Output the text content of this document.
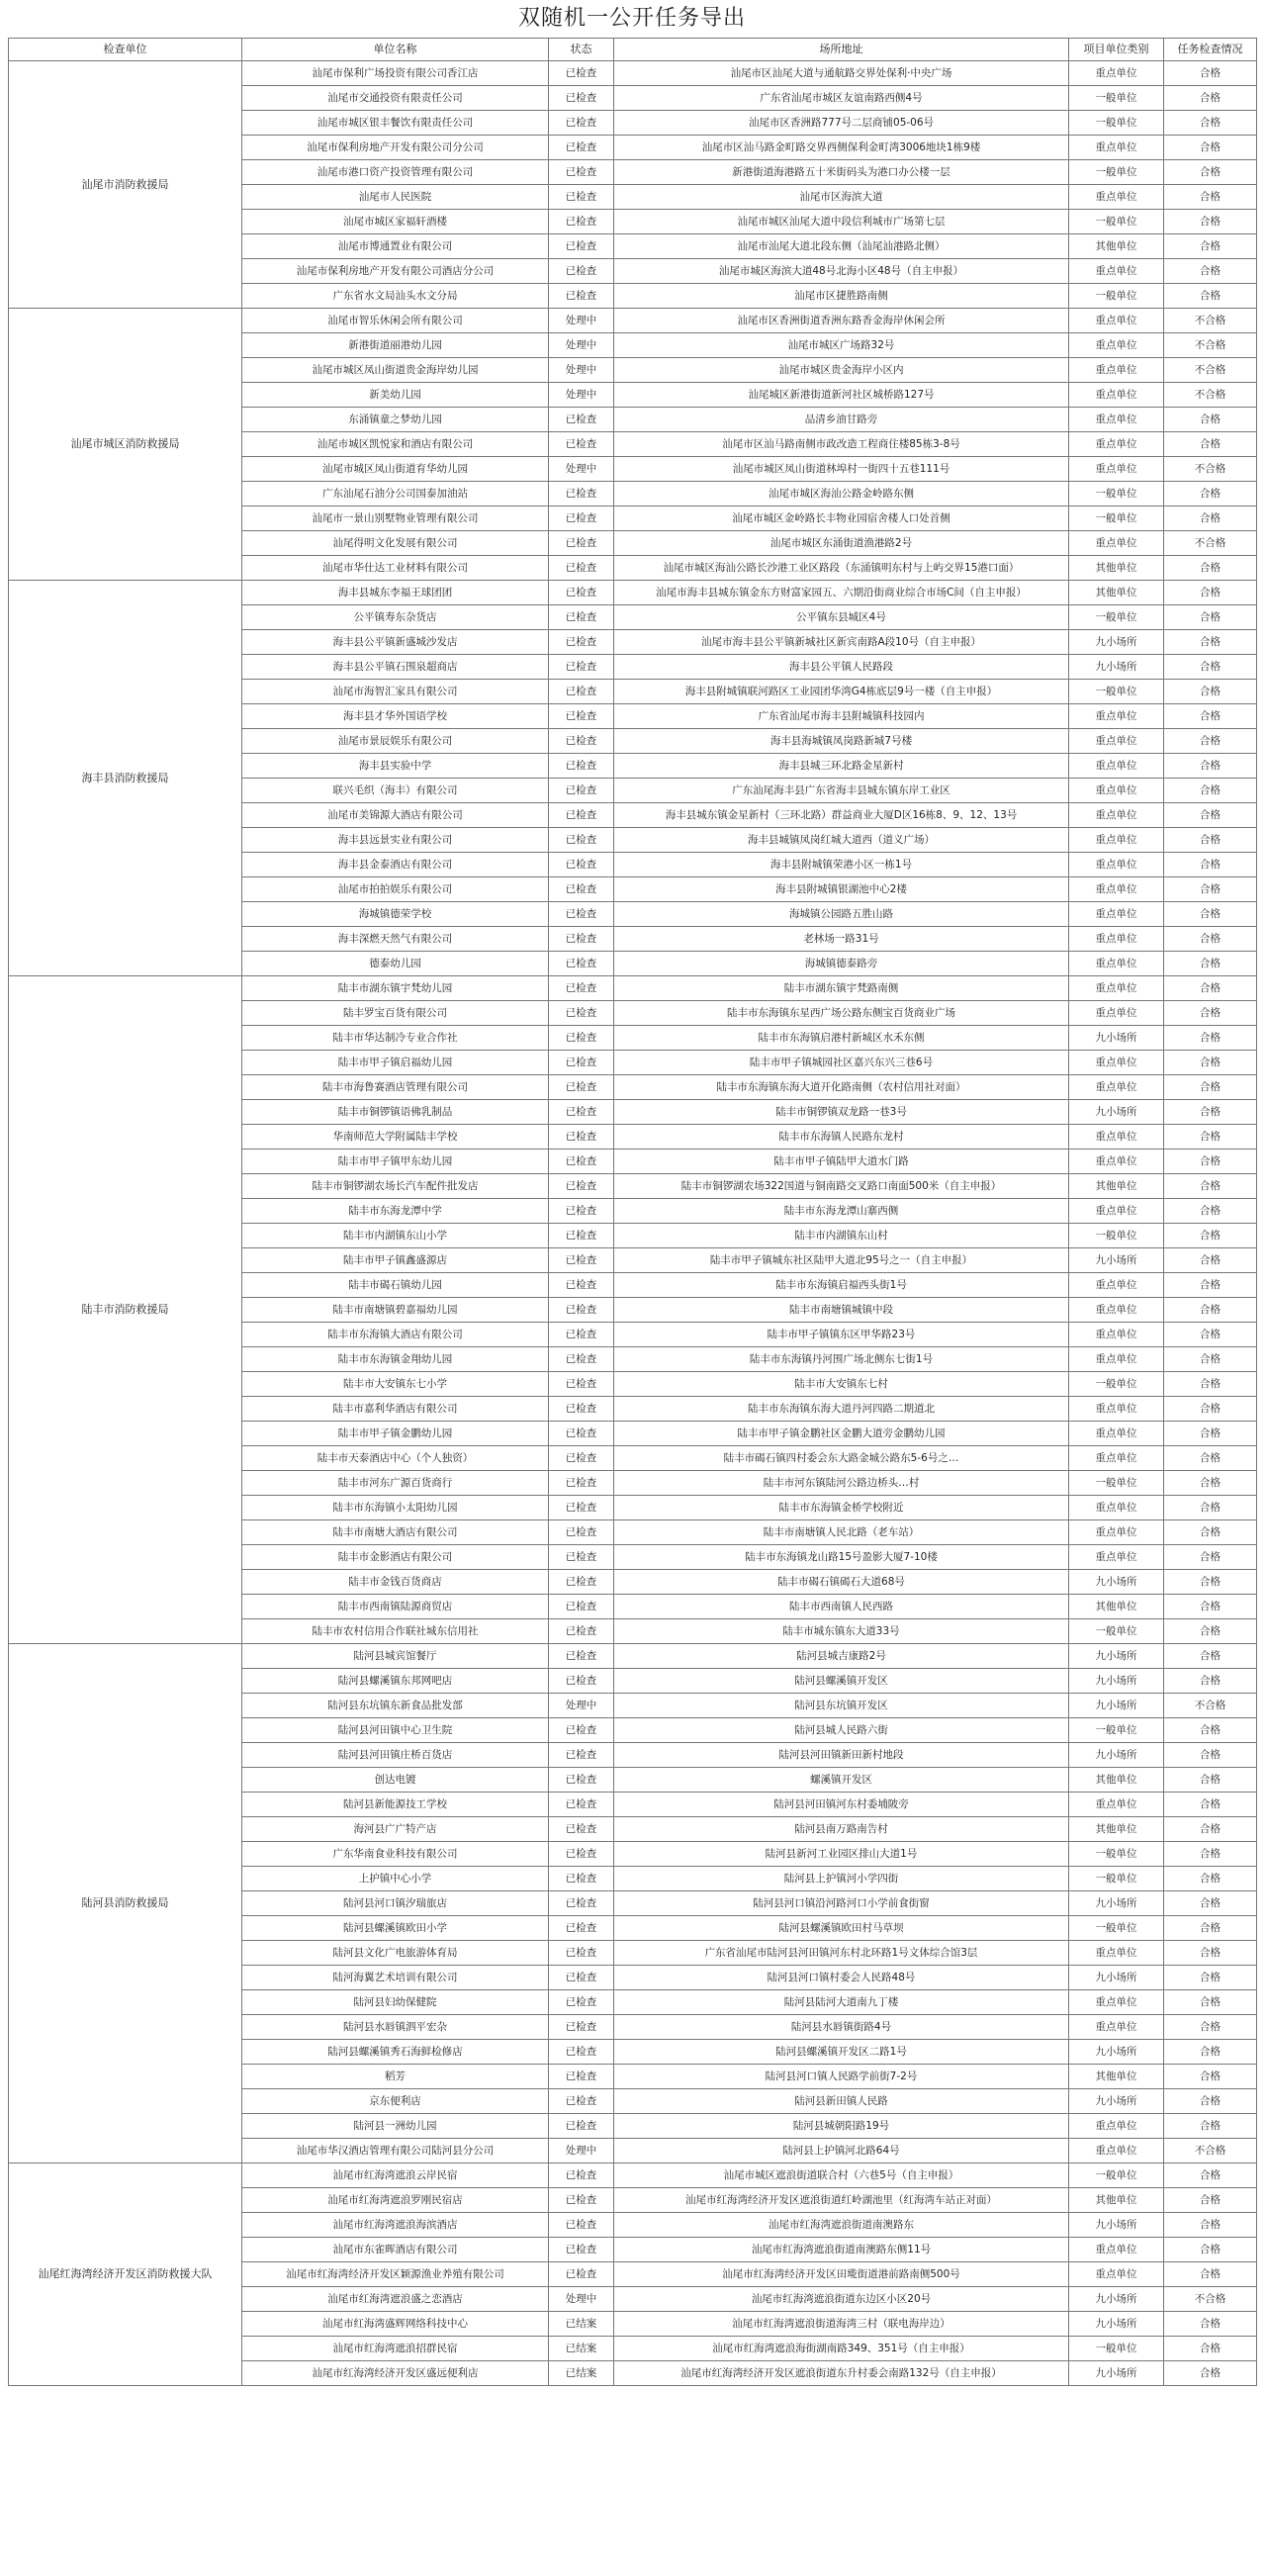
双随机一公开任务导出
检查单位	单位名称	状态	场所地址	项目单位类别	任务检查情况
汕尾市消防救援局	汕尾市保利广场投资有限公司香江店	已检查	汕尾市区汕尾大道与通航路交界处保利·中央广场	重点单位	合格
	汕尾市交通投资有限责任公司	已检查	广东省汕尾市城区友谊南路西侧4号	一般单位	合格
	汕尾市城区银丰餐饮有限责任公司	已检查	汕尾市区香洲路777号二层商铺05-06号	一般单位	合格
	汕尾市保利房地产开发有限公司分公司	已检查	汕尾市区汕马路金町路交界西侧保利金町湾3006地块1栋9楼	重点单位	合格
	汕尾市港口资产投资管理有限公司	已检查	新港街道海港路五十米街码头为港口办公楼一层	一般单位	合格
	汕尾市人民医院	已检查	汕尾市区海滨大道	重点单位	合格
	汕尾市城区家福轩酒楼	已检查	汕尾市城区汕尾大道中段信利城市广场第七层	一般单位	合格
	汕尾市博通置业有限公司	已检查	汕尾市汕尾大道北段东侧（汕尾汕港路北侧）	其他单位	合格
	汕尾市保利房地产开发有限公司酒店分公司	已检查	汕尾市城区海滨大道48号北海小区48号（自主申报）	重点单位	合格
	广东省水文局汕头水文分局	已检查	汕尾市区捷胜路南侧	一般单位	合格
汕尾市城区消防救援局	汕尾市智乐休闲会所有限公司	处理中	汕尾市区香洲街道香洲东路香金海岸休闲会所	重点单位	不合格
	新港街道丽港幼儿园	处理中	汕尾市城区广场路32号	重点单位	不合格
	汕尾市城区凤山街道贵金海岸幼儿园	处理中	汕尾市城区贵金海岸小区内	重点单位	不合格
	新美幼儿园	处理中	汕尾城区新港街道新河社区城桥路127号	重点单位	不合格
	东涌镇童之梦幼儿园	已检查	品清乡油甘路旁	重点单位	合格
	汕尾市城区凯悦家和酒店有限公司	已检查	汕尾市区汕马路南侧市政改造工程商住楼85栋3-8号	重点单位	合格
	汕尾市城区凤山街道育华幼儿园	处理中	汕尾市城区凤山街道林埠村一街四十五巷111号	重点单位	不合格
	广东汕尾石油分公司国泰加油站	已检查	汕尾市城区海汕公路金岭路东侧	一般单位	合格
	汕尾市一景山别墅物业管理有限公司	已检查	汕尾市城区金岭路长丰物业园宿舍楼人口处首侧	一般单位	合格
	汕尾得明文化发展有限公司	已检查	汕尾市城区东涌街道渔港路2号	重点单位	不合格
	汕尾市华仕达工业材料有限公司	已检查	汕尾市城区海汕公路长沙港工业区路段（东涌镇明东村与上屿交界15港口面）	其他单位	合格
海丰县消防救援局	海丰县城东李福王球团团	已检查	汕尾市海丰县城东镇金东方财富家园五、六期沿街商业综合市场C间（自主申报）	其他单位	合格
	公平镇寿东杂货店	已检查	公平镇东县城区4号	一般单位	合格
	海丰县公平镇新盛城沙发店	已检查	汕尾市海丰县公平镇新城社区新宾南路A段10号（自主申报）	九小场所	合格
	海丰县公平镇石围泉超商店	已检查	海丰县公平镇人民路段	九小场所	合格
	汕尾市海智汇家具有限公司	已检查	海丰县附城镇联河路区工业园团华湾G4栋底层9号一楼（自主申报）	一般单位	合格
	海丰县才华外国语学校	已检查	广东省汕尾市海丰县附城镇科技园内	重点单位	合格
	汕尾市景辰娱乐有限公司	已检查	海丰县海城镇凤岗路新城7号楼	重点单位	合格
	海丰县实验中学	已检查	海丰县城三环北路金星新村	重点单位	合格
	联兴毛织（海丰）有限公司	已检查	广东汕尾海丰县广东省海丰县城东镇东岸工业区	重点单位	合格
	汕尾市美锦源大酒店有限公司	已检查	海丰县城东镇金星新村（三环北路）群益商业大厦D区16栋8、9、12、13号	重点单位	合格
	海丰县远景实业有限公司	已检查	海丰县城镇凤岗红城大道西（道义广场）	重点单位	合格
	海丰县金泰酒店有限公司	已检查	海丰县附城镇荣港小区一栋1号	重点单位	合格
	汕尾市拍拍娱乐有限公司	已检查	海丰县附城镇银湖池中心2楼	重点单位	合格
	海城镇德荣学校	已检查	海城镇公园路五胜山路	重点单位	合格
	海丰深燃天然气有限公司	已检查	老林场一路31号	重点单位	合格
	德泰幼儿园	已检查	海城镇德泰路旁	重点单位	合格
陆丰市消防救援局	陆丰市湖东镇宇梵幼儿园	已检查	陆丰市湖东镇宇梵路南侧	重点单位	合格
	陆丰罗宝百货有限公司	已检查	陆丰市东海镇东星西广场公路东侧宝百货商业广场	重点单位	合格
	陆丰市华达制冷专业合作社	已检查	陆丰市东海镇启港村新城区水禾东侧	九小场所	合格
	陆丰市甲子镇启福幼儿园	已检查	陆丰市甲子镇城园社区嘉兴东兴三巷6号	重点单位	合格
	陆丰市海鲁赛酒店管理有限公司	已检查	陆丰市东海镇东海大道开化路南侧（农村信用社对面）	重点单位	合格
	陆丰市铜锣镇语佛乳制品	已检查	陆丰市铜锣镇双龙路一巷3号	九小场所	合格
	华南师范大学附属陆丰学校	已检查	陆丰市东海镇人民路东龙村	重点单位	合格
	陆丰市甲子镇甲东幼儿园	已检查	陆丰市甲子镇陆甲大道水门路	重点单位	合格
	陆丰市铜锣湖农场长汽车配件批发店	已检查	陆丰市铜锣湖农场322国道与铜南路交叉路口南面500米（自主申报）	其他单位	合格
	陆丰市东海龙潭中学	已检查	陆丰市东海龙潭山寨西侧	重点单位	合格
	陆丰市内湖镇东山小学	已检查	陆丰市内湖镇东山村	一般单位	合格
	陆丰市甲子镇鑫盛源店	已检查	陆丰市甲子镇城东社区陆甲大道北95号之一（自主申报）	九小场所	合格
	陆丰市碣石镇幼儿园	已检查	陆丰市东海镇启福西头街1号	重点单位	合格
	陆丰市南塘镇碧嘉福幼儿园	已检查	陆丰市南塘镇城镇中段	重点单位	合格
	陆丰市东海镇大酒店有限公司	已检查	陆丰市甲子镇镇东区甲华路23号	重点单位	合格
	陆丰市东海镇金翔幼儿园	已检查	陆丰市东海镇丹河围广场北侧东七街1号	重点单位	合格
	陆丰市大安镇东七小学	已检查	陆丰市大安镇东七村	一般单位	合格
	陆丰市嘉利华酒店有限公司	已检查	陆丰市东海镇东海大道丹河四路二期道北	重点单位	合格
	陆丰市甲子镇金鹏幼儿园	已检查	陆丰市甲子镇金鹏社区金鹏大道旁金鹏幼儿园	重点单位	合格
	陆丰市天泰酒店中心（个人独资）	已检查	陆丰市碣石镇四村委会东大路金城公路东5-6号之…	重点单位	合格
	陆丰市河东广源百货商行	已检查	陆丰市河东镇陆河公路边桥头…村	一般单位	合格
	陆丰市东海镇小太阳幼儿园	已检查	陆丰市东海镇金桥学校附近	重点单位	合格
	陆丰市南塘大酒店有限公司	已检查	陆丰市南塘镇人民北路（老车站）	重点单位	合格
	陆丰市金影酒店有限公司	已检查	陆丰市东海镇龙山路15号盈影大厦7-10楼	重点单位	合格
	陆丰市金钱百货商店	已检查	陆丰市碣石镇碣石大道68号	九小场所	合格
	陆丰市西南镇陆源商贸店	已检查	陆丰市西南镇人民西路	其他单位	合格
	陆丰市农村信用合作联社城东信用社	已检查	陆丰市城东镇东大道33号	一般单位	合格
陆河县消防救援局	陆河县城宾馆餐厅	已检查	陆河县城吉康路2号	九小场所	合格
	陆河县螺溪镇东邦网吧店	已检查	陆河县螺溪镇开发区	九小场所	合格
	陆河县东坑镇东新食品批发部	处理中	陆河县东坑镇开发区	九小场所	不合格
	陆河县河田镇中心卫生院	已检查	陆河县城人民路六街	一般单位	合格
	陆河县河田镇庄桥百货店	已检查	陆河县河田镇新田新村地段	九小场所	合格
	创达电镀	已检查	螺溪镇开发区	其他单位	合格
	陆河县新能源技工学校	已检查	陆河县河田镇河东村委埔陂旁	重点单位	合格
	海河县广广特产店	已检查	陆河县南万路南告村	其他单位	合格
	广东华南食业科技有限公司	已检查	陆河县新河工业园区排山大道1号	一般单位	合格
	上护镇中心小学	已检查	陆河县上护镇河小学四街	一般单位	合格
	陆河县河口镇汐瑞旅店	已检查	陆河县河口镇沿河路河口小学前食街窗	九小场所	合格
	陆河县螺溪镇欧田小学	已检查	陆河县螺溪镇欧田村马草坝	一般单位	合格
	陆河县文化广电旅游体育局	已检查	广东省汕尾市陆河县河田镇河东村北环路1号文体综合馆3层	重点单位	合格
	陆河海翼艺术培训有限公司	已检查	陆河县河口镇村委会人民路48号	九小场所	合格
	陆河县妇幼保健院	已检查	陆河县陆河大道南九丁楼	重点单位	合格
	陆河县水唇镇泗平宏杂	已检查	陆河县水唇镇街路4号	重点单位	合格
	陆河县螺溪镇秀石海鲜检修店	已检查	陆河县螺溪镇开发区二路1号	九小场所	合格
	稻芳	已检查	陆河县河口镇人民路学前街7-2号	其他单位	合格
	京东便利店	已检查	陆河县新田镇人民路	九小场所	合格
	陆河县一洲幼儿园	已检查	陆河县城朝阳路19号	重点单位	合格
	汕尾市华汉酒店管理有限公司陆河县分公司	处理中	陆河县上护镇河北路64号	重点单位	不合格
汕尾红海湾经济开发区消防救援大队	汕尾市红海湾遮浪云岸民宿	已检查	汕尾市城区遮浪街道联合村（六巷5号（自主申报）	一般单位	合格
	汕尾市红海湾遮浪罗刚民宿店	已检查	汕尾市红海湾经济开发区遮浪街道红岭湖池里（红海湾车站正对面）	其他单位	合格
	汕尾市红海湾遮浪海滨酒店	已检查	汕尾市红海湾遮浪街道南澳路东	九小场所	合格
	汕尾市东雀晖酒店有限公司	已检查	汕尾市红海湾遮浪街道南澳路东侧11号	重点单位	合格
	汕尾市红海湾经济开发区颖源渔业养殖有限公司	已检查	汕尾市红海湾经济开发区田墘街道港前路南侧500号	重点单位	合格
	汕尾市红海湾遮浪盛之恋酒店	处理中	汕尾市红海湾遮浪街道东边区小区20号	九小场所	不合格
	汕尾市红海湾盛辉网络科技中心	已结案	汕尾市红海湾遮浪街道海湾三村（联电海岸边）	九小场所	合格
	汕尾市红海湾遮浪招群民宿	已结案	汕尾市红海湾遮浪海街湖南路349、351号（自主申报）	一般单位	合格
	汕尾市红海湾经济开发区盛远便利店	已结案	汕尾市红海湾经济开发区遮浪街道东升村委会南路132号（自主申报）	九小场所	合格
